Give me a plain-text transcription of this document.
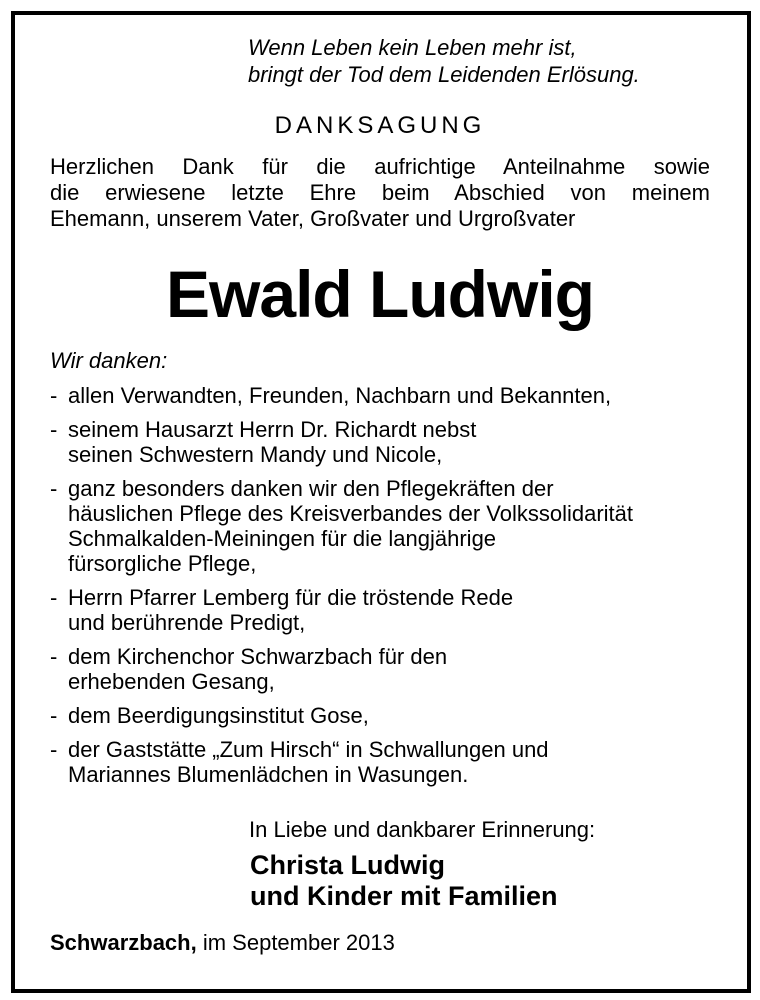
Wenn Leben kein Leben mehr ist,
bringt der Tod dem Leidenden Erlösung.
DANKSAGUNG
Herzlichen Dank für die aufrichtige Anteilnahme sowie
die erwiesene letzte Ehre beim Abschied von meinem
Ehemann, unserem Vater, Großvater und Urgroßvater
Ewald Ludwig
Wir danken:
- allen Verwandten, Freunden, Nachbarn und Bekannten,
- seinem Hausarzt Herrn Dr. Richardt nebst
seinen Schwestern Mandy und Nicole,
- ganz besonders danken wir den Pflegekräften der
häuslichen Pflege des Kreisverbandes der Volkssolidarität
Schmalkalden-Meiningen für die langjährige
fürsorgliche Pflege,
- Herrn Pfarrer Lemberg für die tröstende Rede
und berührende Predigt,
- dem Kirchenchor Schwarzbach für den
erhebenden Gesang,
- dem Beerdigungsinstitut Gose,
- der Gaststätte „Zum Hirsch“ in Schwallungen und
Mariannes Blumenlädchen in Wasungen.
In Liebe und dankbarer Erinnerung:
Christa Ludwig
und Kinder mit Familien
Schwarzbach, im September 2013
